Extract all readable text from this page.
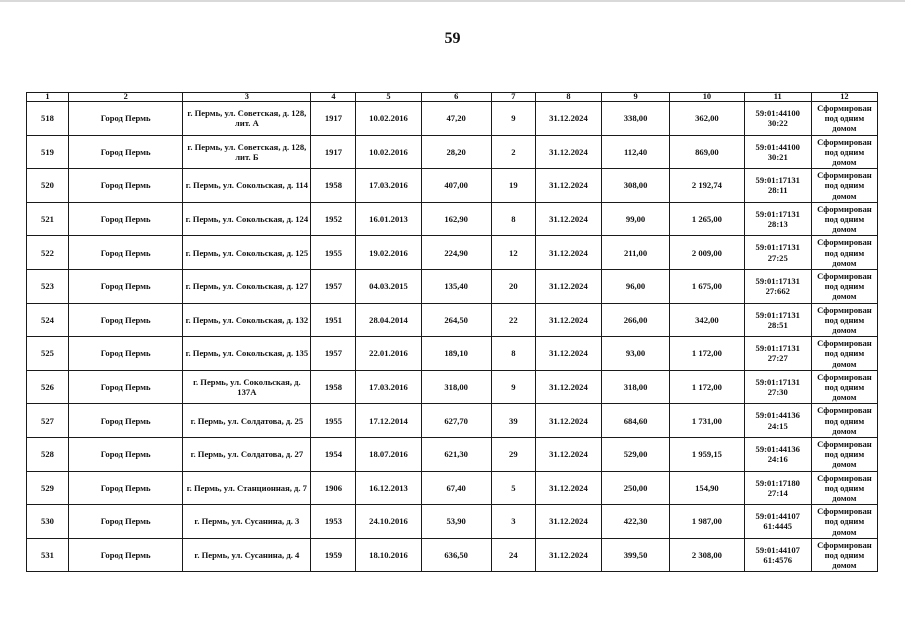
59
1	2	3	4	5	6	7	8	9	10	11	12
518	Город Пермь	г. Пермь, ул. Советская, д. 128, лит. А	1917	10.02.2016	47,20	9	31.12.2024	338,00	362,00	59:01:44100 30:22	Сформирован под одним домом
519	Город Пермь	г. Пермь, ул. Советская, д. 128, лит. Б	1917	10.02.2016	28,20	2	31.12.2024	112,40	869,00	59:01:44100 30:21	Сформирован под одним домом
520	Город Пермь	г. Пермь, ул. Сокольская, д. 114	1958	17.03.2016	407,00	19	31.12.2024	308,00	2 192,74	59:01:17131 28:11	Сформирован под одним домом
521	Город Пермь	г. Пермь, ул. Сокольская, д. 124	1952	16.01.2013	162,90	8	31.12.2024	99,00	1 265,00	59:01:17131 28:13	Сформирован под одним домом
522	Город Пермь	г. Пермь, ул. Сокольская, д. 125	1955	19.02.2016	224,90	12	31.12.2024	211,00	2 009,00	59:01:17131 27:25	Сформирован под одним домом
523	Город Пермь	г. Пермь, ул. Сокольская, д. 127	1957	04.03.2015	135,40	20	31.12.2024	96,00	1 675,00	59:01:17131 27:662	Сформирован под одним домом
524	Город Пермь	г. Пермь, ул. Сокольская, д. 132	1951	28.04.2014	264,50	22	31.12.2024	266,00	342,00	59:01:17131 28:51	Сформирован под одним домом
525	Город Пермь	г. Пермь, ул. Сокольская, д. 135	1957	22.01.2016	189,10	8	31.12.2024	93,00	1 172,00	59:01:17131 27:27	Сформирован под одним домом
526	Город Пермь	г. Пермь, ул. Сокольская, д. 137А	1958	17.03.2016	318,00	9	31.12.2024	318,00	1 172,00	59:01:17131 27:30	Сформирован под одним домом
527	Город Пермь	г. Пермь, ул. Солдатова, д. 25	1955	17.12.2014	627,70	39	31.12.2024	684,60	1 731,00	59:01:44136 24:15	Сформирован под одним домом
528	Город Пермь	г. Пермь, ул. Солдатова, д. 27	1954	18.07.2016	621,30	29	31.12.2024	529,00	1 959,15	59:01:44136 24:16	Сформирован под одним домом
529	Город Пермь	г. Пермь, ул. Станционная, д. 7	1906	16.12.2013	67,40	5	31.12.2024	250,00	154,90	59:01:17180 27:14	Сформирован под одним домом
530	Город Пермь	г. Пермь, ул. Сусанина, д. 3	1953	24.10.2016	53,90	3	31.12.2024	422,30	1 987,00	59:01:44107 61:4445	Сформирован под одним домом
531	Город Пермь	г. Пермь, ул. Сусанина, д. 4	1959	18.10.2016	636,50	24	31.12.2024	399,50	2 308,00	59:01:44107 61:4576	Сформирован под одним домом
